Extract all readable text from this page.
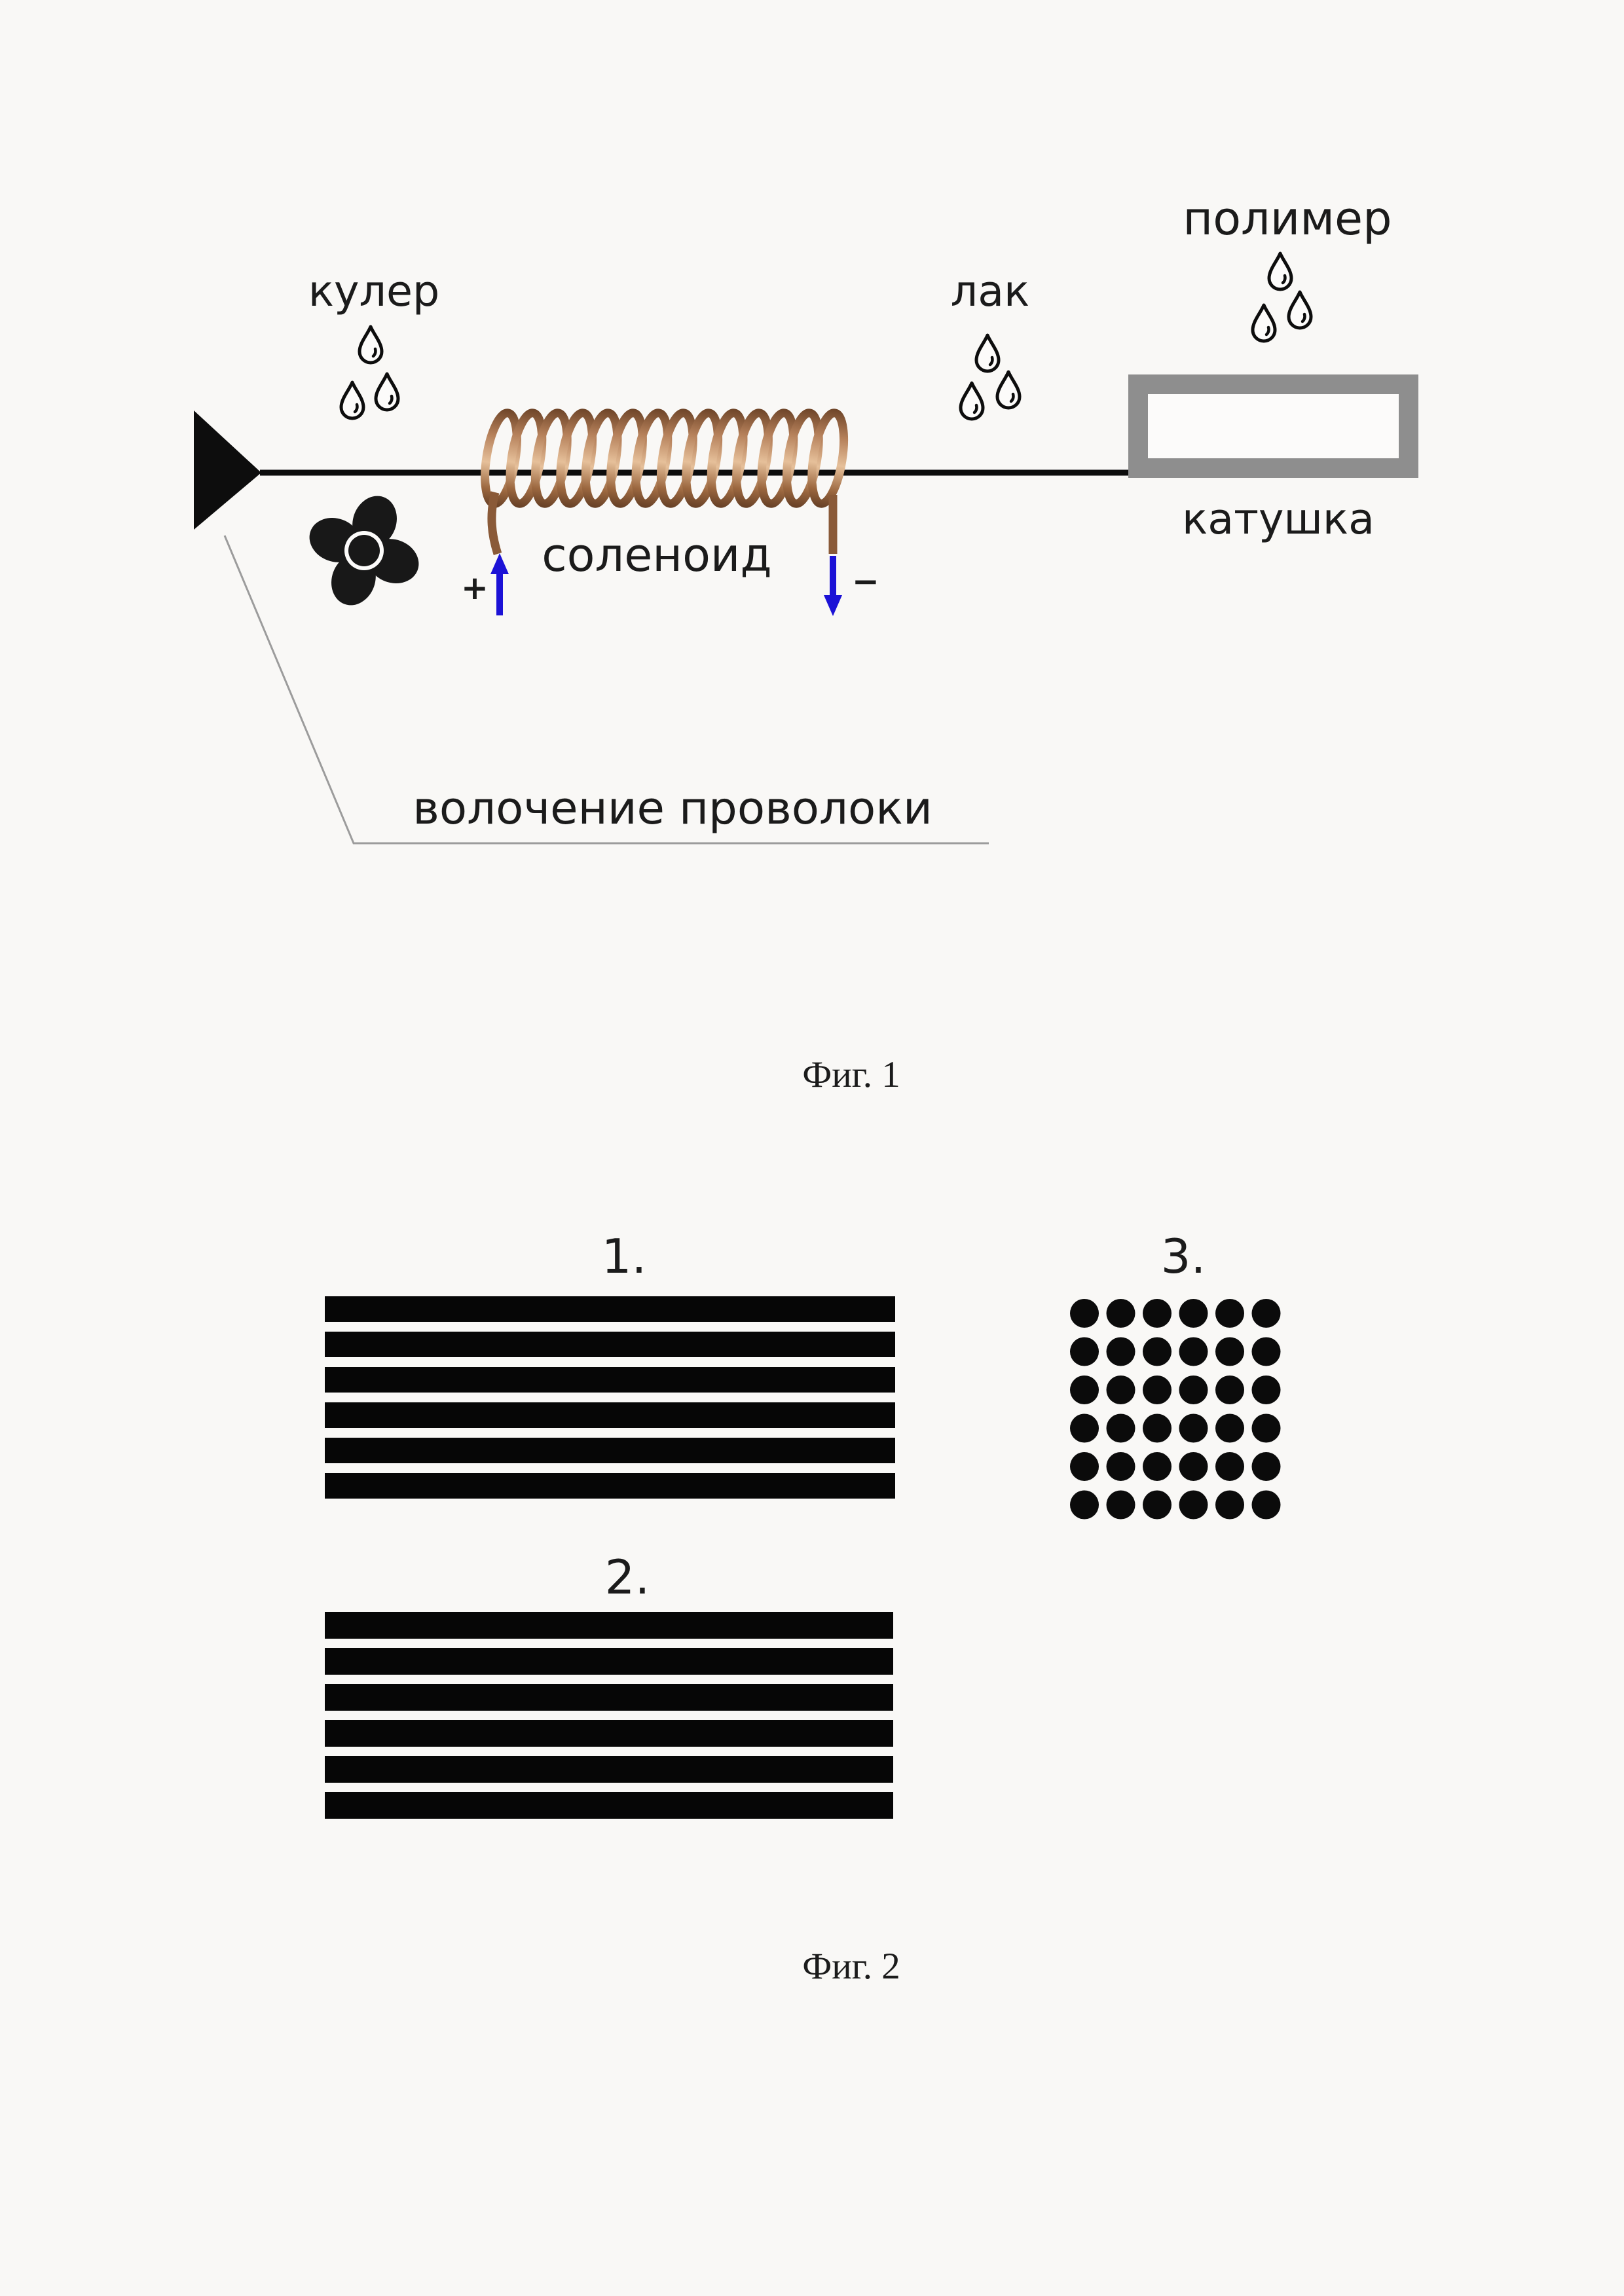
+	−
кулер	лак
полимер
соленоид
катушка
волочение проволоки
Фиг. 1
1.	3.
2.
Фиг. 2
